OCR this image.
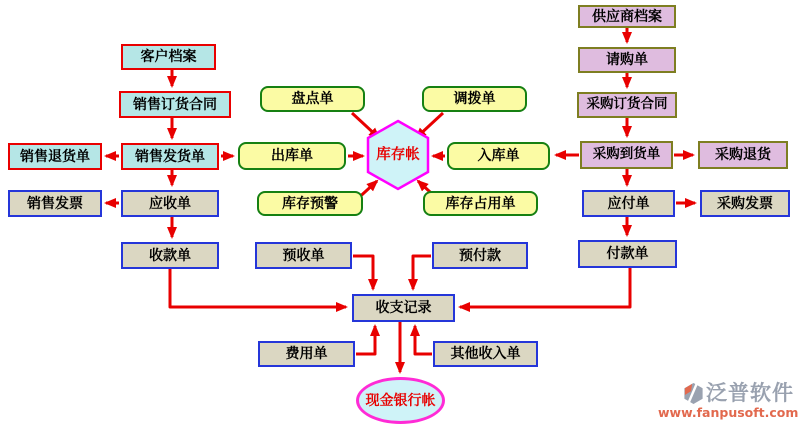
客户档案
销售订货合同
销售退货单	销售发货单
销售发票	应收单
收款单
盘点单	调拨单
出库单	库存帐	入库单
库存预警	库存占用单
预收单	预付款
收支记录
费用单	其他收入单
现金银行帐
供应商档案
请购单
采购订货合同
采购到货单	采购退货
应付单	采购发票
付款单
泛普软件
www.fanpusoft.com
